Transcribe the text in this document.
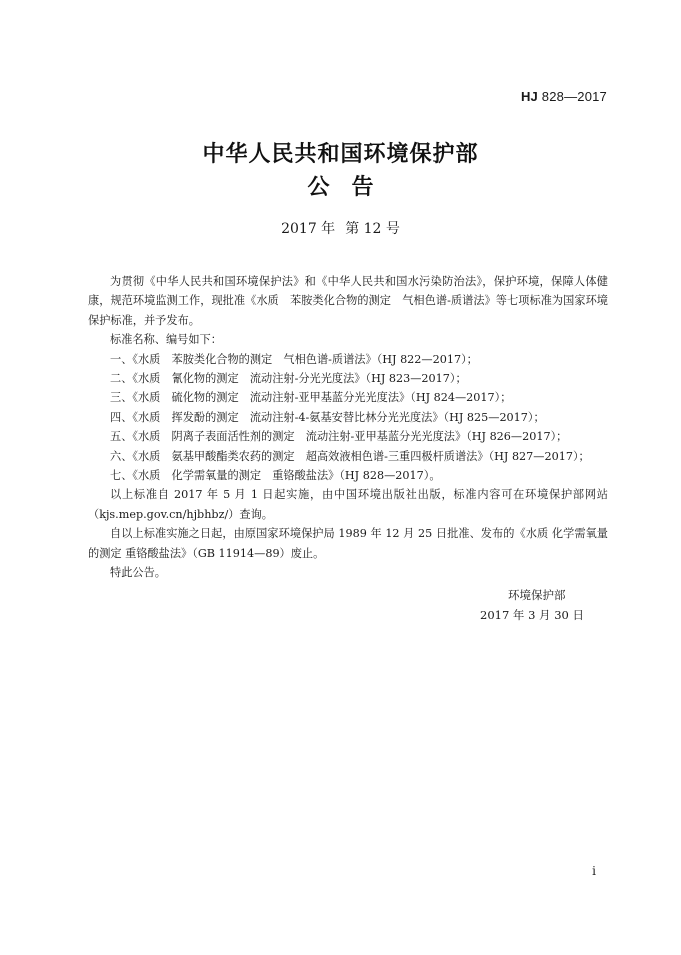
HJ 828—2017
中华人民共和国环境保护部
公 告
2017 年 第 12 号

为贯彻《中华人民共和国环境保护法》和《中华人民共和国水污染防治法》，保护环境，保障人体健康，规范环境监测工作，现批准《水质　苯胺类化合物的测定　气相色谱-质谱法》等七项标准为国家环境保护标准，并予发布。

标准名称、编号如下：

一、《水质　苯胺类化合物的测定　气相色谱-质谱法》（HJ 822—2017）；

二、《水质　氰化物的测定　流动注射-分光光度法》（HJ 823—2017）；

三、《水质　硫化物的测定　流动注射-亚甲基蓝分光光度法》（HJ 824—2017）；

四、《水质　挥发酚的测定　流动注射-4-氨基安替比林分光光度法》（HJ 825—2017）；

五、《水质　阴离子表面活性剂的测定　流动注射-亚甲基蓝分光光度法》（HJ 826—2017）；

六、《水质　氨基甲酸酯类农药的测定　超高效液相色谱-三重四极杆质谱法》（HJ 827—2017）；

七、《水质　化学需氧量的测定　重铬酸盐法》（HJ 828—2017）。

以上标准自 2017 年 5 月 1 日起实施，由中国环境出版社出版，标准内容可在环境保护部网站（kjs.mep.gov.cn/hjbhbz/）查询。

自以上标准实施之日起，由原国家环境保护局 1989 年 12 月 25 日批准、发布的《水质 化学需氧量的测定 重铬酸盐法》（GB 11914—89）废止。

特此公告。

环境保护部
2017 年 3 月 30 日
i
